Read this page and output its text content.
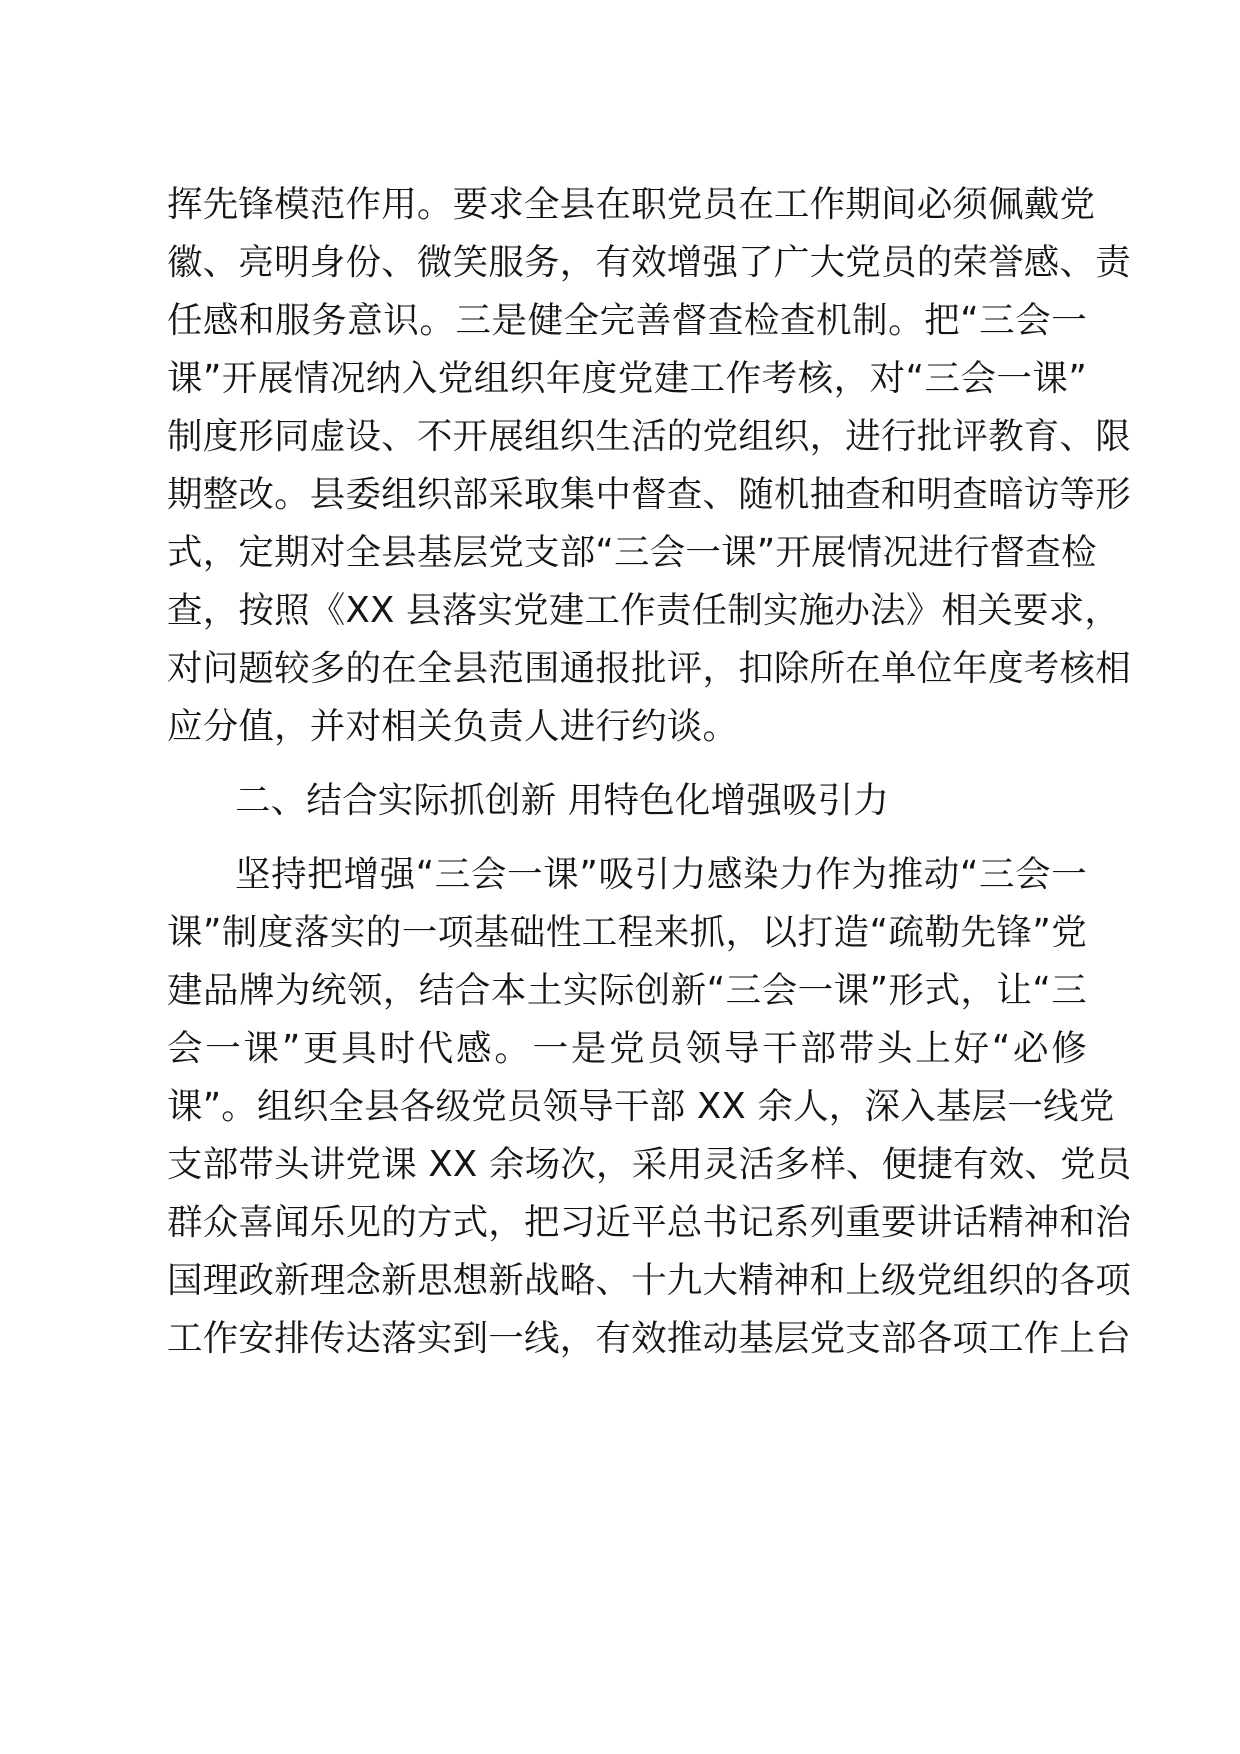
挥先锋模范作用。要求全县在职党员在工作期间必须佩戴党
徽、亮明身份、微笑服务，有效增强了广大党员的荣誉感、责
任感和服务意识。三是健全完善督查检查机制。把“三会一
课”开展情况纳入党组织年度党建工作考核，对“三会一课”
制度形同虚设、不开展组织生活的党组织，进行批评教育、限
期整改。县委组织部采取集中督查、随机抽查和明查暗访等形
式，定期对全县基层党支部“三会一课”开展情况进行督查检
查，按照《XX 县落实党建工作责任制实施办法》相关要求，
对问题较多的在全县范围通报批评，扣除所在单位年度考核相
应分值，并对相关负责人进行约谈。
二、结合实际抓创新 用特色化增强吸引力
坚持把增强“三会一课”吸引力感染力作为推动“三会一
课”制度落实的一项基础性工程来抓，以打造“疏勒先锋”党
建品牌为统领，结合本土实际创新“三会一课”形式，让“三
会一课”更具时代感。一是党员领导干部带头上好“必修
课”。组织全县各级党员领导干部 XX 余人，深入基层一线党
支部带头讲党课 XX 余场次，采用灵活多样、便捷有效、党员
群众喜闻乐见的方式，把习近平总书记系列重要讲话精神和治
国理政新理念新思想新战略、十九大精神和上级党组织的各项
工作安排传达落实到一线，有效推动基层党支部各项工作上台
